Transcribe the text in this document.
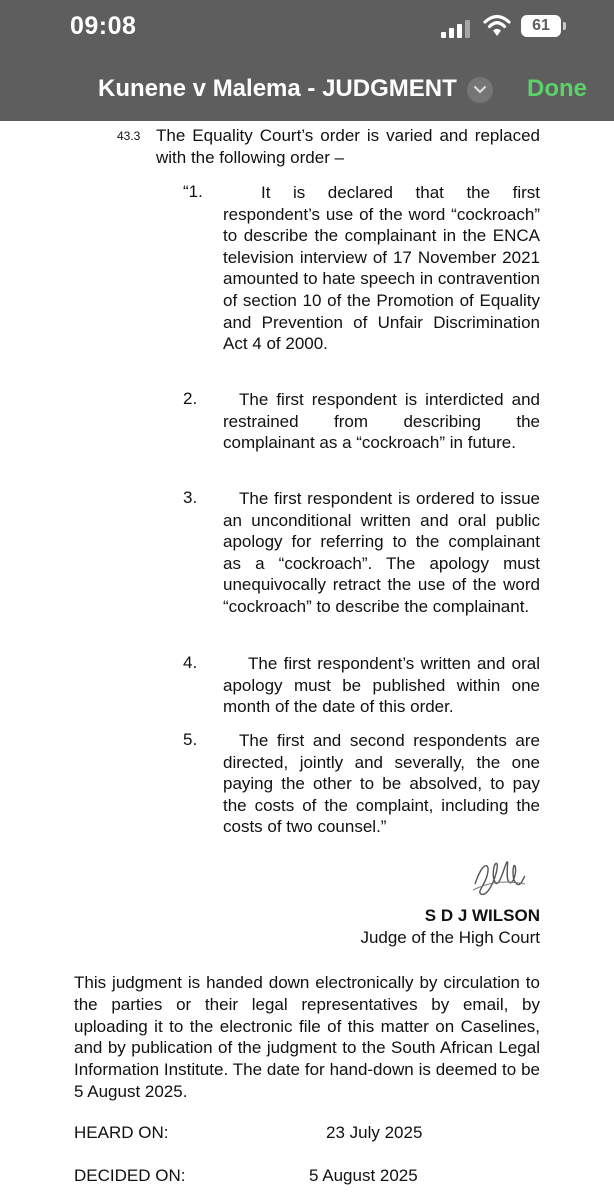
09:08	61
Kunene v Malema - JUDGMENT	Done
43.3 The Equality Court’s order is varied and replaced with the following order –
“1.	It is declared that the first respondent’s use of the word “cockroach” to describe the complainant in the ENCA television interview of 17 November 2021 amounted to hate speech in contravention of section 10 of the Promotion of Equality and Prevention of Unfair Discrimination Act 4 of 2000.
2.	The first respondent is interdicted and restrained from describing the complainant as a “cockroach” in future.
3.	The first respondent is ordered to issue an unconditional written and oral public apology for referring to the complainant as a “cockroach”. The apology must unequivocally retract the use of the word “cockroach” to describe the complainant.
4.	The first respondent’s written and oral apology must be published within one month of the date of this order.
5.	The first and second respondents are directed, jointly and severally, the one paying the other to be absolved, to pay the costs of the complaint, including the costs of two counsel.”
S D J WILSON
Judge of the High Court
This judgment is handed down electronically by circulation to the parties or their legal representatives by email, by uploading it to the electronic file of this matter on Caselines, and by publication of the judgment to the South African Legal Information Institute. The date for hand-down is deemed to be 5 August 2025.
HEARD ON:	23 July 2025
DECIDED ON:	5 August 2025
